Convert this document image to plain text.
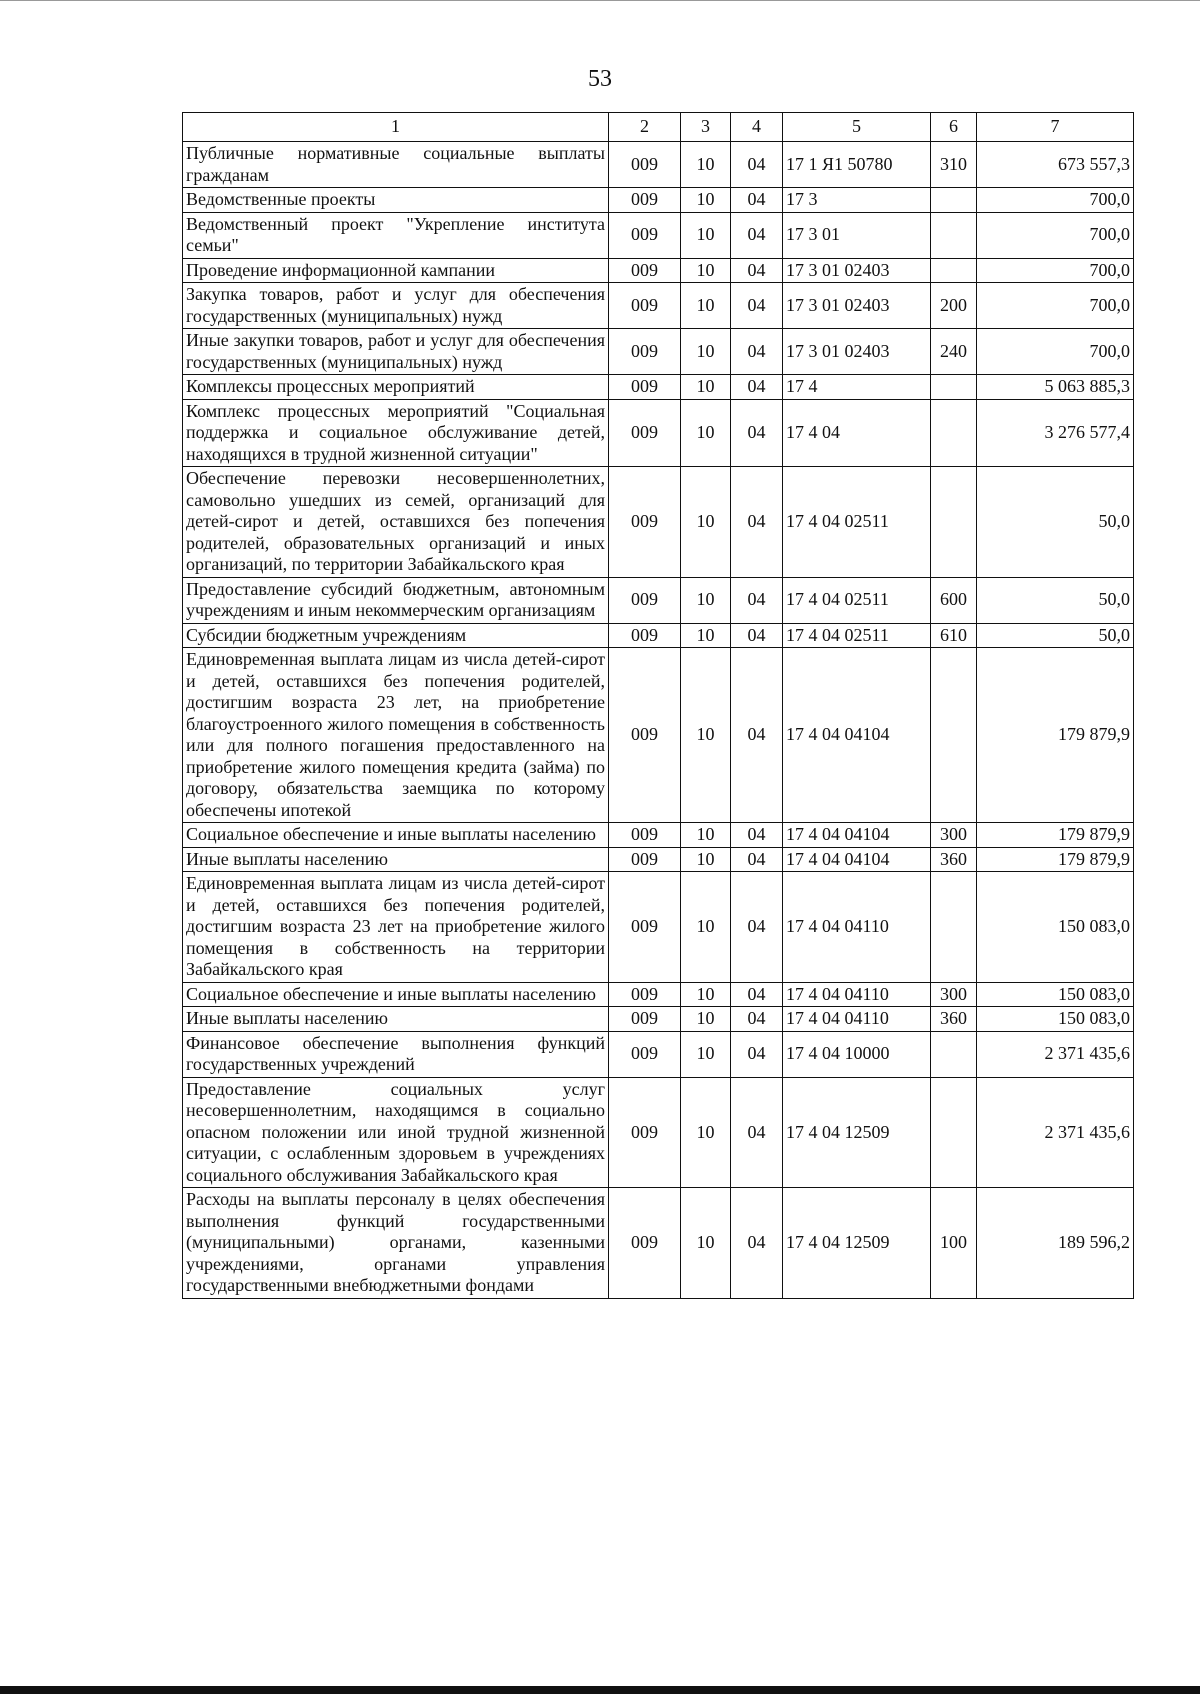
53
1	2	3	4	5	6	7
Публичные нормативные социальные выплаты гражданам	009	10	04	17 1 Я1 50780	310	673 557,3
Ведомственные проекты	009	10	04	17 3		700,0
Ведомственный проект "Укрепление института семьи"	009	10	04	17 3 01		700,0
Проведение информационной кампании	009	10	04	17 3 01 02403		700,0
Закупка товаров, работ и услуг для обеспечения государственных (муниципальных) нужд	009	10	04	17 3 01 02403	200	700,0
Иные закупки товаров, работ и услуг для обеспечения государственных (муниципальных) нужд	009	10	04	17 3 01 02403	240	700,0
Комплексы процессных мероприятий	009	10	04	17 4		5 063 885,3
Комплекс процессных мероприятий "Социальная поддержка и социальное обслуживание детей, находящихся в трудной жизненной ситуации"	009	10	04	17 4 04		3 276 577,4
Обеспечение перевозки несовершеннолетних, самовольно ушедших из семей, организаций для детей-сирот и детей, оставшихся без попечения родителей, образовательных организаций и иных организаций, по территории Забайкальского края	009	10	04	17 4 04 02511		50,0
Предоставление субсидий бюджетным, автономным учреждениям и иным некоммерческим организациям	009	10	04	17 4 04 02511	600	50,0
Субсидии бюджетным учреждениям	009	10	04	17 4 04 02511	610	50,0
Единовременная выплата лицам из числа детей-сирот и детей, оставшихся без попечения родителей, достигшим возраста 23 лет, на приобретение благоустроенного жилого помещения в собственность или для полного погашения предоставленного на приобретение жилого помещения кредита (займа) по договору, обязательства заемщика по которому обеспечены ипотекой	009	10	04	17 4 04 04104		179 879,9
Социальное обеспечение и иные выплаты населению	009	10	04	17 4 04 04104	300	179 879,9
Иные выплаты населению	009	10	04	17 4 04 04104	360	179 879,9
Единовременная выплата лицам из числа детей-сирот и детей, оставшихся без попечения родителей, достигшим возраста 23 лет на приобретение жилого помещения в собственность на территории Забайкальского края	009	10	04	17 4 04 04110		150 083,0
Социальное обеспечение и иные выплаты населению	009	10	04	17 4 04 04110	300	150 083,0
Иные выплаты населению	009	10	04	17 4 04 04110	360	150 083,0
Финансовое обеспечение выполнения функций государственных учреждений	009	10	04	17 4 04 10000		2 371 435,6
Предоставление социальных услуг несовершеннолетним, находящимся в социально опасном положении или иной трудной жизненной ситуации, с ослабленным здоровьем в учреждениях социального обслуживания Забайкальского края	009	10	04	17 4 04 12509		2 371 435,6
Расходы на выплаты персоналу в целях обеспечения выполнения функций государственными (муниципальными) органами, казенными учреждениями, органами управления государственными внебюджетными фондами	009	10	04	17 4 04 12509	100	189 596,2
